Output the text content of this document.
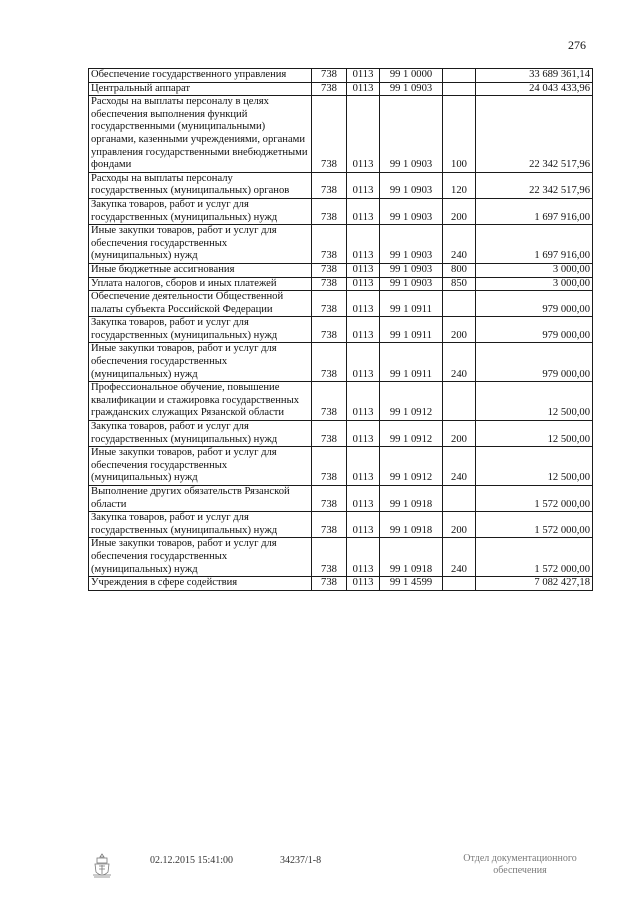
276
Обеспечение государственного управления	738	0113	99 1 0000		33 689 361,14
Центральный аппарат	738	0113	99 1 0903		24 043 433,96
Расходы на выплаты персоналу в целях обеспечения выполнения функций государственными (муниципальными) органами, казенными учреждениями, органами управления государственными внебюджетными фондами	738	0113	99 1 0903	100	22 342 517,96
Расходы на выплаты персоналу государственных (муниципальных) органов	738	0113	99 1 0903	120	22 342 517,96
Закупка товаров, работ и услуг для государственных (муниципальных) нужд	738	0113	99 1 0903	200	1 697 916,00
Иные закупки товаров, работ и услуг для обеспечения государственных (муниципальных) нужд	738	0113	99 1 0903	240	1 697 916,00
Иные бюджетные ассигнования	738	0113	99 1 0903	800	3 000,00
Уплата налогов, сборов и иных платежей	738	0113	99 1 0903	850	3 000,00
Обеспечение деятельности Общественной палаты субъекта Российской Федерации	738	0113	99 1 0911		979 000,00
Закупка товаров, работ и услуг для государственных (муниципальных) нужд	738	0113	99 1 0911	200	979 000,00
Иные закупки товаров, работ и услуг для обеспечения государственных (муниципальных) нужд	738	0113	99 1 0911	240	979 000,00
Профессиональное обучение, повышение квалификации и стажировка государственных гражданских служащих Рязанской области	738	0113	99 1 0912		12 500,00
Закупка товаров, работ и услуг для государственных (муниципальных) нужд	738	0113	99 1 0912	200	12 500,00
Иные закупки товаров, работ и услуг для обеспечения государственных (муниципальных) нужд	738	0113	99 1 0912	240	12 500,00
Выполнение других обязательств Рязанской области	738	0113	99 1 0918		1 572 000,00
Закупка товаров, работ и услуг для государственных (муниципальных) нужд	738	0113	99 1 0918	200	1 572 000,00
Иные закупки товаров, работ и услуг для обеспечения государственных (муниципальных) нужд	738	0113	99 1 0918	240	1 572 000,00
Учреждения в сфере содействия	738	0113	99 1 4599		7 082 427,18
02.12.2015 15:41:00	34237/1-8	Отдел документационного обеспечения
